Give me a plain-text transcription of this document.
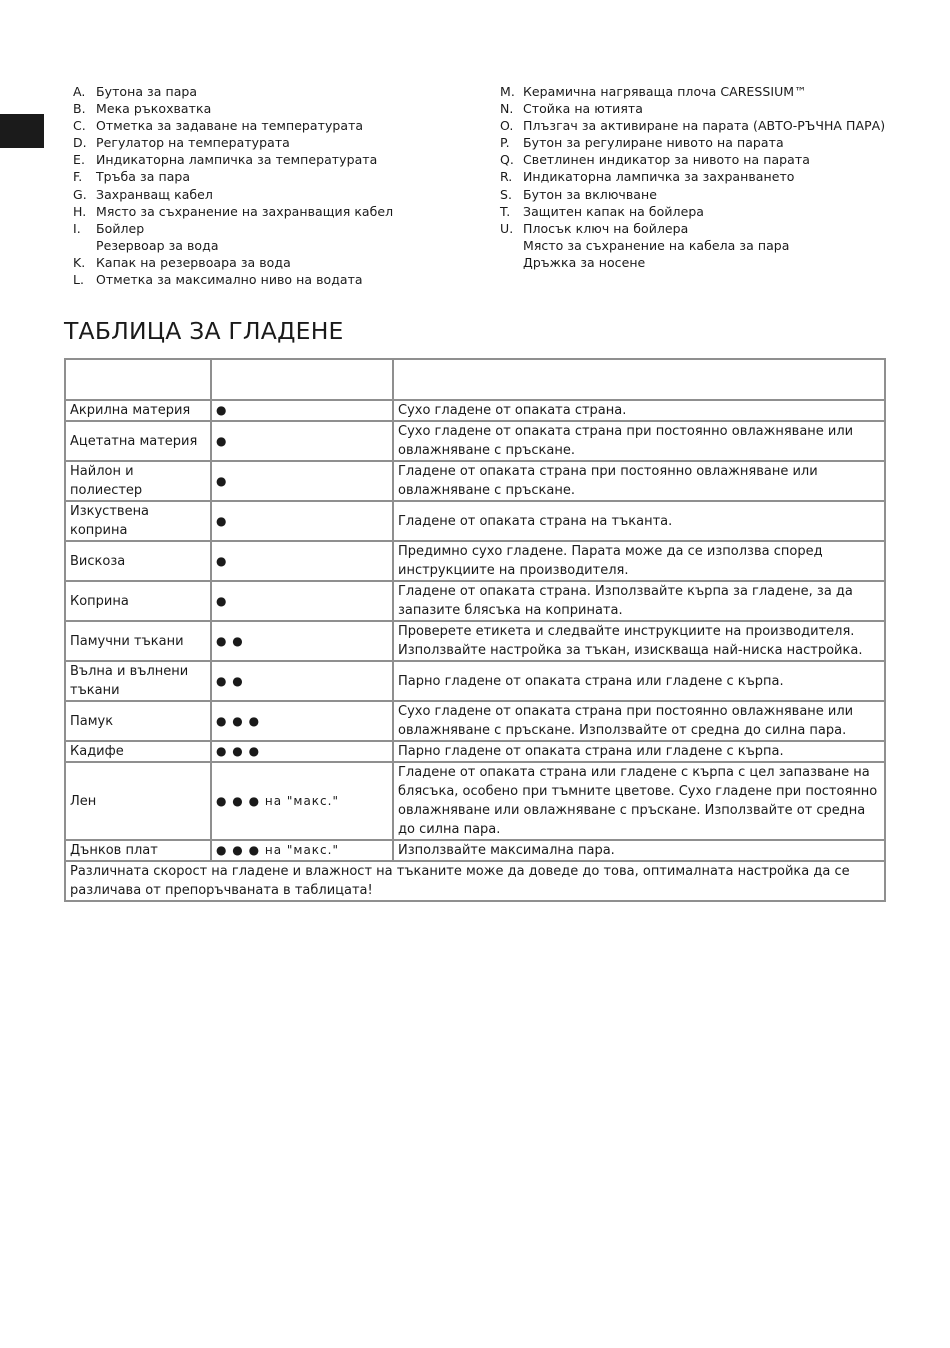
A. Бутона за пара
B. Мека ръкохватка
C. Отметка за задаване на температурата
D. Регулатор на температурата
E. Индикаторна лампичка за температурата
F.	Тръба за пара
G. Захранващ кабел
H. Място за съхранение на захранващия кабел
I.	Бойлер
Резервоар за вода
K. Капак на резервоара за вода
L. Отметка за максимално ниво на водата
M. Керамична нагряваща плоча CARESSIUM™
N. Стойка на ютията
O. Плъзгач за активиране на парата (АВТО-РЪЧНА ПАРА)
P.	Бутон за регулиране нивото на парата
Q. Светлинен индикатор за нивото на парата
R. Индикаторна лампичка за захранването
S. Бутон за включване
T.	Защитен капак на бойлера
U. Плосък ключ на бойлера
Място за съхранение на кабела за пара
Дръжка за носене
ТАБЛИЦА ЗА ГЛАДЕНЕ

Акрилна материя	●	Сухо гладене от опаката страна.
Ацетатна материя	●	Сухо гладене от опаката страна при постоянно овлажняване или овлажняване с пръскане.
Найлон и полиестер	●	Гладене от опаката страна при постоянно овлажняване или овлажняване с пръскане.
Изкуствена коприна	●	Гладене от опаката страна на тъканта.
Вискоза	●	Предимно сухо гладене. Парата може да се използва според инструкциите на производителя.
Коприна	●	Гладене от опаката страна. Използвайте кърпа за гладене, за да запазите блясъка на коприната.
Памучни тъкани	● ●	Проверете етикета и следвайте инструкциите на производителя. Използвайте настройка за тъкан, изискваща най-ниска настройка.
Вълна и вълнени тъкани	● ●	Парно гладене от опаката страна или гладене с кърпа.
Памук	● ● ●	Сухо гладене от опаката страна при постоянно овлажняване или овлажняване с пръскане. Използвайте от средна до силна пара.
Кадифе	● ● ●	Парно гладене от опаката страна или гладене с кърпа.
Лен	● ● ● на "макс."	Гладене от опаката страна или гладене с кърпа с цел запазване на блясъка, особено при тъмните цветове. Сухо гладене при постоянно овлажняване или овлажняване с пръскане. Използвайте от средна до силна пара.
Дънков плат	● ● ● на "макс."	Използвайте максимална пара.
Различната скорост на гладене и влажност на тъканите може да доведе до това, оптималната настройка да се различава от препоръчваната в таблицата!		
